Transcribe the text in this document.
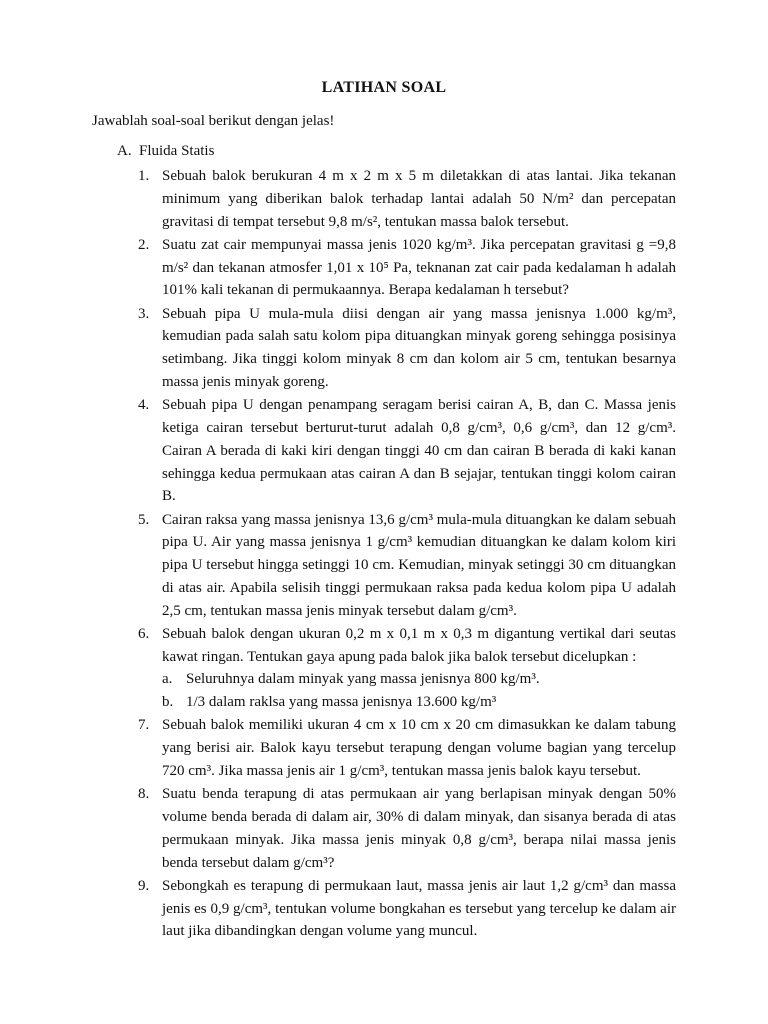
LATIHAN SOAL
Jawablah soal-soal berikut dengan jelas!
A. Fluida Statis
1. Sebuah balok berukuran 4 m x 2 m x 5 m diletakkan di atas lantai. Jika tekanan minimum yang diberikan balok terhadap lantai adalah 50 N/m² dan percepatan gravitasi di tempat tersebut 9,8 m/s², tentukan massa balok tersebut.
2. Suatu zat cair mempunyai massa jenis 1020 kg/m³. Jika percepatan gravitasi g =9,8 m/s² dan tekanan atmosfer 1,01 x 10⁵ Pa, teknanan zat cair pada kedalaman h adalah 101% kali tekanan di permukaannya. Berapa kedalaman h tersebut?
3. Sebuah pipa U mula-mula diisi dengan air yang massa jenisnya 1.000 kg/m³, kemudian pada salah satu kolom pipa dituangkan minyak goreng sehingga posisinya setimbang. Jika tinggi kolom minyak 8 cm dan kolom air 5 cm, tentukan besarnya massa jenis minyak goreng.
4. Sebuah pipa U dengan penampang seragam berisi cairan A, B, dan C. Massa jenis ketiga cairan tersebut berturut-turut adalah 0,8 g/cm³, 0,6 g/cm³, dan 12 g/cm³. Cairan A berada di kaki kiri dengan tinggi 40 cm dan cairan B berada di kaki kanan sehingga kedua permukaan atas cairan A dan B sejajar, tentukan tinggi kolom cairan B.
5. Cairan raksa yang massa jenisnya 13,6 g/cm³ mula-mula dituangkan ke dalam sebuah pipa U. Air yang massa jenisnya 1 g/cm³ kemudian dituangkan ke dalam kolom kiri pipa U tersebut hingga setinggi 10 cm. Kemudian, minyak setinggi 30 cm dituangkan di atas air. Apabila selisih tinggi permukaan raksa pada kedua kolom pipa U adalah 2,5 cm, tentukan massa jenis minyak tersebut dalam g/cm³.
6. Sebuah balok dengan ukuran 0,2 m x 0,1 m x 0,3 m digantung vertikal dari seutas kawat ringan. Tentukan gaya apung pada balok jika balok tersebut dicelupkan :
a. Seluruhnya dalam minyak yang massa jenisnya 800 kg/m³.
b. 1/3 dalam raklsa yang massa jenisnya 13.600 kg/m³
7. Sebuah balok memiliki ukuran 4 cm x 10 cm x 20 cm dimasukkan ke dalam tabung yang berisi air. Balok kayu tersebut terapung dengan volume bagian yang tercelup 720 cm³. Jika massa jenis air 1 g/cm³, tentukan massa jenis balok kayu tersebut.
8. Suatu benda terapung di atas permukaan air yang berlapisan minyak dengan 50% volume benda berada di dalam air, 30% di dalam minyak, dan sisanya berada di atas permukaan minyak. Jika massa jenis minyak 0,8 g/cm³, berapa nilai massa jenis benda tersebut dalam g/cm³?
9. Sebongkah es terapung di permukaan laut, massa jenis air laut 1,2 g/cm³ dan massa jenis es 0,9 g/cm³, tentukan volume bongkahan es tersebut yang tercelup ke dalam air laut jika dibandingkan dengan volume yang muncul.
